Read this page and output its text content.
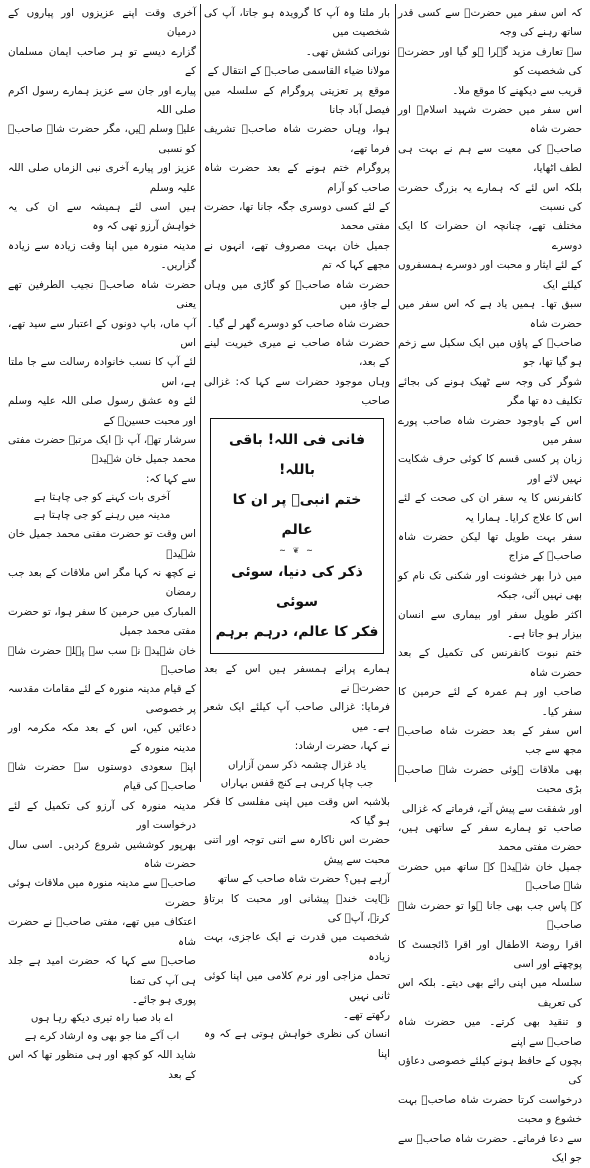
کہ اس سفر میں حضرتؒ سے کسی قدر ساتھ رہنے کی وجہ

سے تعارف مزید گہرا ہو گیا اور حضرتؒ کی شخصیت کو

قریب سے دیکھنے کا موقع ملا۔

اس سفر میں حضرت شہید اسلامؒ اور حضرت شاہ

صاحبؒ کی معیت سے ہم نے بہت ہی لطف اٹھایا،

بلکہ اس لئے کہ ہمارے یہ بزرگ حضرت کی نسبت

مختلف تھے، چنانچہ ان حضرات کا ایک دوسرے

کے لئے ایثار و محبت اور دوسرے ہمسفروں کیلئے ایک

سبق تھا۔ ہمیں یاد ہے کہ اس سفر میں حضرت شاہ

صاحبؒ کے پاؤں میں ایک سکیل سے زخم ہو گیا تھا، جو

شوگر کی وجہ سے ٹھیک ہونے کی بجائے تکلیف دہ تھا مگر

اس کے باوجود حضرت شاہ صاحب پورے سفر میں

زبان پر کسی قسم کا کوئی حرف شکایت نہیں لائے اور

کانفرنس کا یہ سفر ان کی صحت کے لئے اس کا علاج کرایا۔ ہمارا یہ

سفر بہت طویل تھا لیکن حضرت شاہ صاحبؒ کے مزاج

میں ذرا بھر خشونت اور شکنی تک نام کو بھی نہیں آئی، جبکہ

اکثر طویل سفر اور بیماری سے انسان بیزار ہو جاتا ہے۔

ختم نبوت کانفرنس کی تکمیل کے بعد حضرت شاہ

صاحب اور ہم عمرہ کے لئے حرمین کا سفر کیا۔

اس سفر کے بعد حضرت شاہ صاحبؒ مجھ سے جب

بھی ملاقات ہوئی حضرت شاہ صاحبؒ بڑی محبت

اور شفقت سے پیش آتے، فرماتے کہ غزالی

صاحب تو ہمارے سفر کے ساتھی ہیں، حضرت مفتی محمد

جمیل خان شہیدؒ کے ساتھ میں حضرت شاہ صاحبؒ

کے پاس جب بھی جانا ہوا تو حضرت شاہ صاحبؒ

اقرا روضۃ الاطفال اور اقرا ڈائجسٹ کا پوچھتے اور اسی

سلسلہ میں اپنی رائے بھی دیتے۔ بلکہ اس کی تعریف

و تنقید بھی کرتے۔ میں حضرت شاہ صاحبؒ سے اپنے

بچوں کے حافظ ہونے کیلئے خصوصی دعاؤں کی

درخواست کرتا حضرت شاہ صاحبؒ بہت خشوع و محبت

سے دعا فرماتے۔ حضرت شاہ صاحبؒ سے جو ایک

بار ملتا وہ آپ کا گرویدہ ہو جاتا، آپ کی شخصیت میں

نورانی کشش تھی۔

مولانا ضیاء القاسمی صاحبؒ کے انتقال کے

موقع پر تعزیتی پروگرام کے سلسلہ میں فیصل آباد جانا

ہوا، وہاں حضرت شاہ صاحبؒ تشریف فرما تھے،

پروگرام ختم ہونے کے بعد حضرت شاہ صاحب کو آرام

کے لئے کسی دوسری جگہ جانا تھا، حضرت مفتی محمد

جمیل خان بہت مصروف تھے، انہوں نے مجھے کہا کہ تم

حضرت شاہ صاحبؒ کو گاڑی میں وہاں لے جاؤ، میں

حضرت شاہ صاحب کو دوسرے گھر لے گیا۔

حضرت شاہ صاحب نے میری خیریت لینے کے بعد،

وہاں موجود حضرات سے کہا کہ: غزالی صاحب

فانی فی اللہ! باقی باللہ!
ختم انبیؐ پر ان کا عالم
~ ❦ ~
ذکر کی دنیا، سوئی سوئی
فکر کا عالم، درہم برہم

ہمارے پرانے ہمسفر ہیں اس کے بعد حضرتؒ نے

فرمایا: غزالی صاحب آپ کیلئے ایک شعر ہے۔ میں

نے کہا، حضرت ارشاد:

یاد غزال چشمہ ذکر سمن آزاراں

جب چاپا کرہی ہے کنج قفس بہاراں

بلاشبہ اس وقت میں اپنی مفلسی کا فکر ہو گیا کہ

حضرت اس ناکارہ سے اتنی توجہ اور اتنی محبت سے پیش

آرہے ہیں؟ حضرت شاہ صاحب کے ساتھ

نہایت خندہ پیشانی اور محبت کا برتاؤ کرتے، آپؒ کی

شخصیت میں قدرت نے ایک عاجزی، بہت زیادہ

تحمل مزاجی اور نرم کلامی میں اپنا کوئی ثانی نہیں

رکھتے تھے۔

انسان کی نظری خواہش ہوتی ہے کہ وہ اپنا

آخری وقت اپنے عزیزوں اور پیاروں کے درمیان

گزارے دیسے تو ہر صاحب ایمان مسلمان کے

پیارے اور جان سے عزیز ہمارے رسول اکرم صلی اللہ

علیہ وسلم ہیں، مگر حضرت شاہ صاحبؒ کو نسبی

عزیز اور پیارے آخری نبی الزماں صلی اللہ علیہ وسلم

ہیں اسی لئے ہمیشہ سے ان کی یہ خواہش آرزو تھی کہ وہ

مدینہ منورہ میں اپنا وقت زیادہ سے زیادہ گزاریں۔

حضرت شاہ صاحبؒ نجیب الطرفین تھے یعنی

آپ ماں، باپ دونوں کے اعتبار سے سید تھے، اس

لئے آپ کا نسب خانوادہ رسالت سے جا ملتا ہے، اس

لئے وہ عشق رسول صلی اللہ علیہ وسلم اور محبت حسینؓ کے

سرشار تھے، آپ نے ایک مرتبہ حضرت مفتی محمد جمیل خان شہیدؒ

سے کہا کہ:

آخری بات کہنے کو جی چاہتا ہے

مدینہ میں رہنے کو جی چاہتا ہے

اس وقت تو حضرت مفتی محمد جمیل خان شہیدؒ

نے کچھ نہ کہا مگر اس ملاقات کے بعد جب رمضان

المبارک میں حرمین کا سفر ہوا، تو حضرت مفتی محمد جمیل

خان شہیدؒ نے سب سے پہلے حضرت شاہ صاحبؒ

کے قیام مدینہ منورہ کے لئے مقامات مقدسہ پر خصوصی

دعائیں کیں، اس کے بعد مکہ مکرمہ اور مدینہ منورہ کے

اپنے سعودی دوستوں سے حضرت شاہ صاحبؒ کی قیام

مدینہ منورہ کی آرزو کی تکمیل کے لئے درخواست اور

بھرپور کوششیں شروع کردیں۔ اسی سال حضرت شاہ

صاحبؒ سے مدینہ منورہ میں ملاقات ہوئی حضرت

اعتکاف میں تھے، مفتی صاحبؒ نے حضرت شاہ

صاحبؒ سے کہا کہ حضرت امید ہے جلد ہی آپ کی تمنا

پوری ہو جائے۔

اے باد صبا راہ تیری دیکھ رہا ہوں

اب آکے منا جو بھی وہ ارشاد کرے ہے

شاید اللہ کو کچھ اور ہی منظور تھا کہ اس کے بعد
